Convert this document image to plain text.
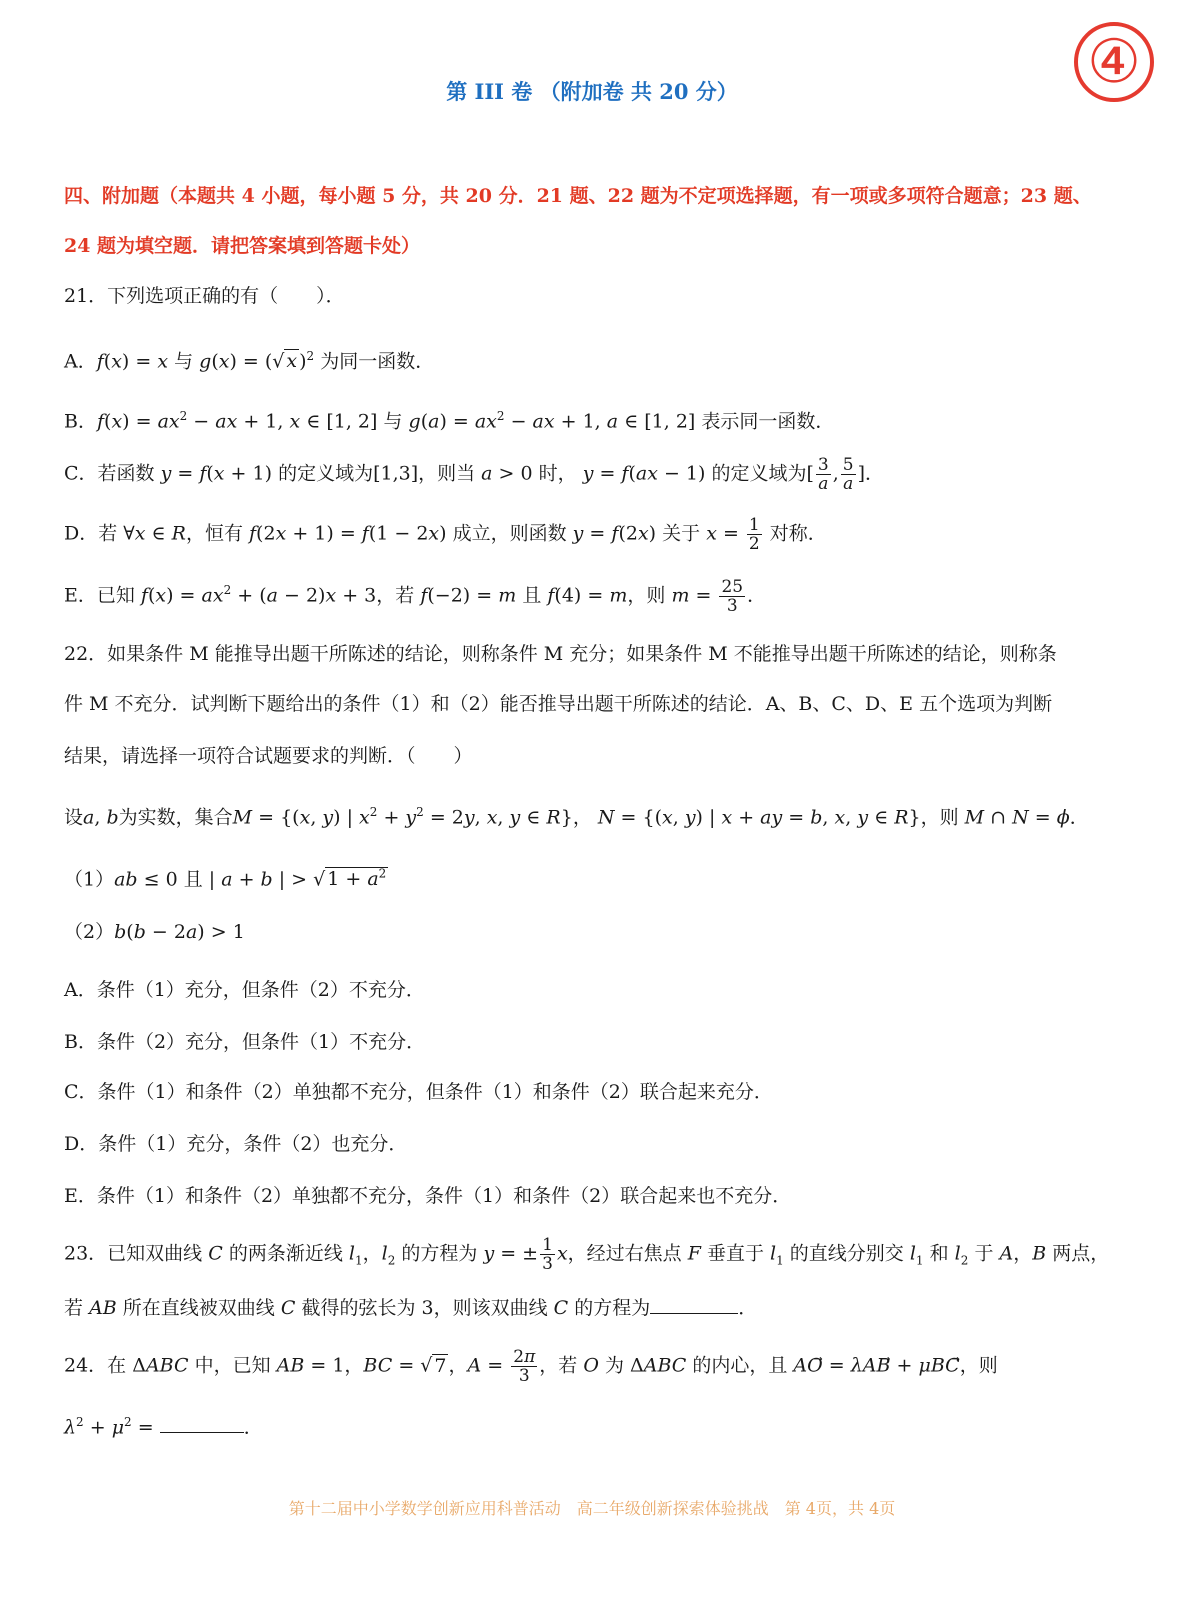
④
第 III 卷 （附加卷 共 20 分）
四、附加题（本题共 4 小题，每小题 5 分，共 20 分．21 题、22 题为不定项选择题，有一项或多项符合题意；23 题、
24 题为填空题．请把答案填到答题卡处）
21．下列选项正确的有（　　）．
A．f(x) = x 与 g(x) = (√ x )$^2$ 为同一函数．
B．$f(x) = ax^2$ − ax + 1, x ∈ [1, 2] 与 $g(a) = ax^2$ − ax + 1, a ∈ [1, 2] 表示同一函数．
C．若函数 y = f(x + 1) 的定义域为[1,3]，则当 a > 0 时， y = f(ax − 1) 的定义域为[ $\frac{3}{a}$ , $\frac{5}{a}$ ]．
D．若 ∀x ∈ R，恒有 f(2x + 1) = f(1 − 2x) 成立，则函数 y = f(2x) 关于 $x = \frac{1}{2}$ 对称．
E．已知 $f(x) = ax^2 + (a - 2)x + 3$，若 f(−2) = m 且 f(4) = m，则 $m = \frac{25}{3}$ ．
22．如果条件 M 能推导出题干所陈述的结论，则称条件 M 充分；如果条件 M 不能推导出题干所陈述的结论，则称条
件 M 不充分．试判断下题给出的条件（1）和（2）能否推导出题干所陈述的结论．A、B、C、D、E 五个选项为判断
结果，请选择一项符合试题要求的判断．（　　）
设a, b为实数，集合M = {(x, y) | $x^2 + y^2 = 2y$, x, y ∈ R}， N = {(x, y) | x + ay = b, x, y ∈ R}，则 M ∩ N = ϕ．
（1）ab ≤ 0 且 | a + b | > √ $1 + a^2$
（2）b(b − 2a) > 1
A．条件（1）充分，但条件（2）不充分．
B．条件（2）充分，但条件（1）不充分．
C．条件（1）和条件（2）单独都不充分，但条件（1）和条件（2）联合起来充分．
D．条件（1）充分，条件（2）也充分．
E．条件（1）和条件（2）单独都不充分，条件（1）和条件（2）联合起来也不充分．
23．已知双曲线 C 的两条渐近线 $l_1$，$l_2$ 的方程为 y = ± $\frac{1}{3}$ x，经过右焦点 F 垂直于 $l_1$ 的直线分别交 $l_1$ 和 $l_2$ 于 A，B 两点，
若 AB 所在直线被双曲线 C 截得的弦长为 3，则该双曲线 C 的方程为	．
24．在 ΔABC 中，已知 AB = 1，BC = √ 7 ，$A = \frac{2\pi}{3}$ ，若 O 为 ΔABC 的内心，且 AO⃗ = λAB⃗ + μBC，则
$\lambda^2 + \mu^2$ =	．
第十二届中小学数学创新应用科普活动　高二年级创新探索体验挑战　第 4页，共 4页
